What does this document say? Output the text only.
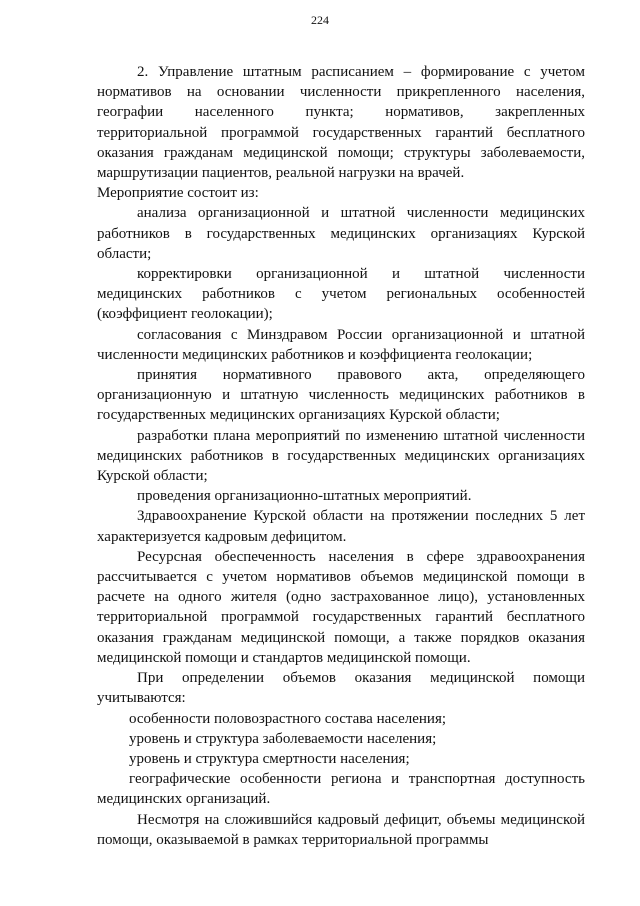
224

2. Управление штатным расписанием – формирование с учетом нормативов на основании численности прикрепленного населения, географии населенного пункта; нормативов, закрепленных территориальной программой государственных гарантий бесплатного оказания гражданам медицинской помощи; структуры заболеваемости, маршрутизации пациентов, реальной нагрузки на врачей.

Мероприятие состоит из:

анализа организационной и штатной численности медицинских работников в государственных медицинских организациях Курской области;

корректировки организационной и штатной численности медицинских работников с учетом региональных особенностей (коэффициент геолокации);

согласования с Минздравом России организационной и штатной численности медицинских работников и коэффициента геолокации;

принятия нормативного правового акта, определяющего организационную и штатную численность медицинских работников в государственных медицинских организациях Курской области;

разработки плана мероприятий по изменению штатной численности медицинских работников в государственных медицинских организациях Курской области;

проведения организационно-штатных мероприятий.

Здравоохранение Курской области на протяжении последних 5 лет характеризуется кадровым дефицитом.

Ресурсная обеспеченность населения в сфере здравоохранения рассчитывается с учетом нормативов объемов медицинской помощи в расчете на одного жителя (одно застрахованное лицо), установленных территориальной программой государственных гарантий бесплатного оказания гражданам медицинской помощи, а также порядков оказания медицинской помощи и стандартов медицинской помощи.

При определении объемов оказания медицинской помощи учитываются:

особенности половозрастного состава населения;

уровень и структура заболеваемости населения;

уровень и структура смертности населения;

географические особенности региона и транспортная доступность медицинских организаций.

Несмотря на сложившийся кадровый дефицит, объемы медицинской помощи, оказываемой в рамках территориальной программы
